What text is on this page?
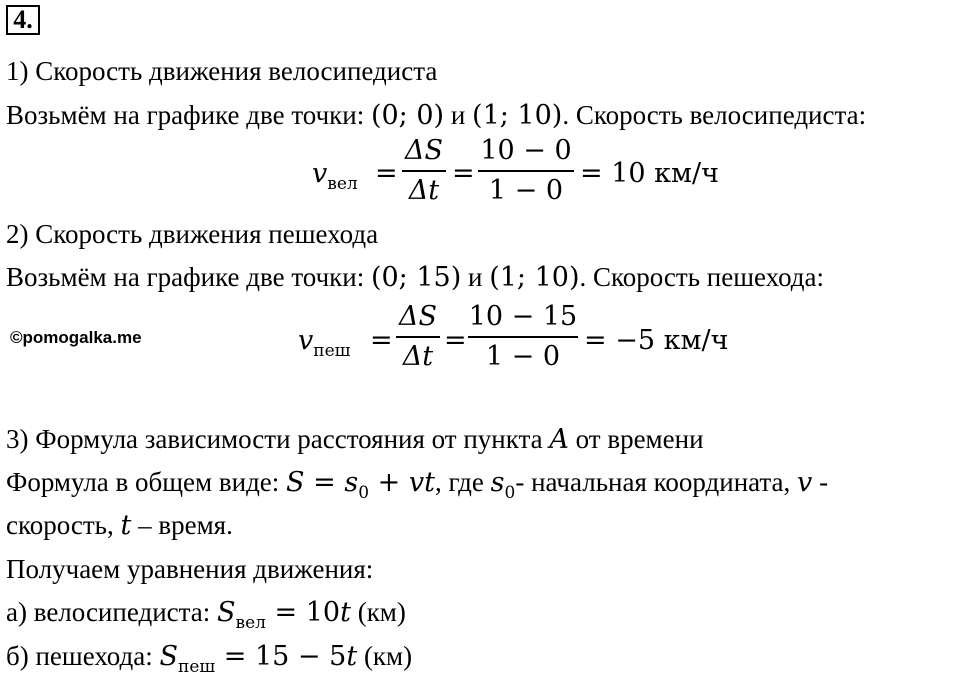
4.
1) Скорость движения велосипедиста
Возьмём на графике две точки: (0; 0) и (1; 10). Скорость велосипедиста:
$v_{вел}$ =
ΔS
Δt
=
10 − 0
1 − 0
= 10 км/ч
2) Скорость движения пешехода
Возьмём на графике две точки: (0; 15) и (1; 10). Скорость пешехода:
©pomogalka.me	$v_{пеш}$ =
ΔS
Δt
=
10 − 15
1 − 0
= −5 км/ч
3) Формула зависимости расстояния от пункта A от времени
Формула в общем виде: $S = s_0$ + vt, где $s_0-$ начальная координата, v -
скорость, t – время.
Получаем уравнения движения:
а) велосипедиста: $S_{вел} = 10t$ (км)
б) пешехода: $S_{пеш} = 15 - 5t$ (км)
